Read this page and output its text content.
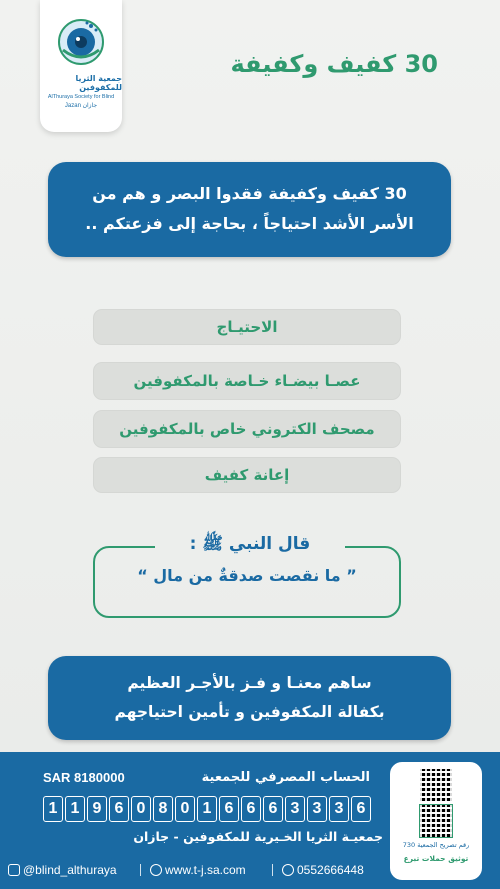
جمعية الثريا للمكفوفين
AlThuraya Society for Blind
Jazan جازان
30 كفيف وكفيفة
30 كفيف وكفيفة فقدوا البصر و هم من
الأسر الأشد احتياجاً ، بحاجة إلى فزعتكم ..
الاحتيـاج
عصـا بيضـاء خـاصة بالمكفوفين
مصحف الكتروني خاص بالمكفوفين
إعانة كفيف
قال النبي ﷺ :
” ما نقصت صدقةٌ من مال “
ساهم معنـا و فـز بالأجـر العظيم
بكفالة المكفوفين و تأمين احتياجهم
رقم تصريح الجمعية 730
توثيق حملات تبرع
الحساب المصرفي للجمعية
SAR 8180000
1 1 9 6 0 8 0 1 6 6 6 3 3 3 6
جمعيـة الثريا الخـيرية للمكفوفين - جازان
@blind_althuraya	www.t-j.sa.com	0552666448
